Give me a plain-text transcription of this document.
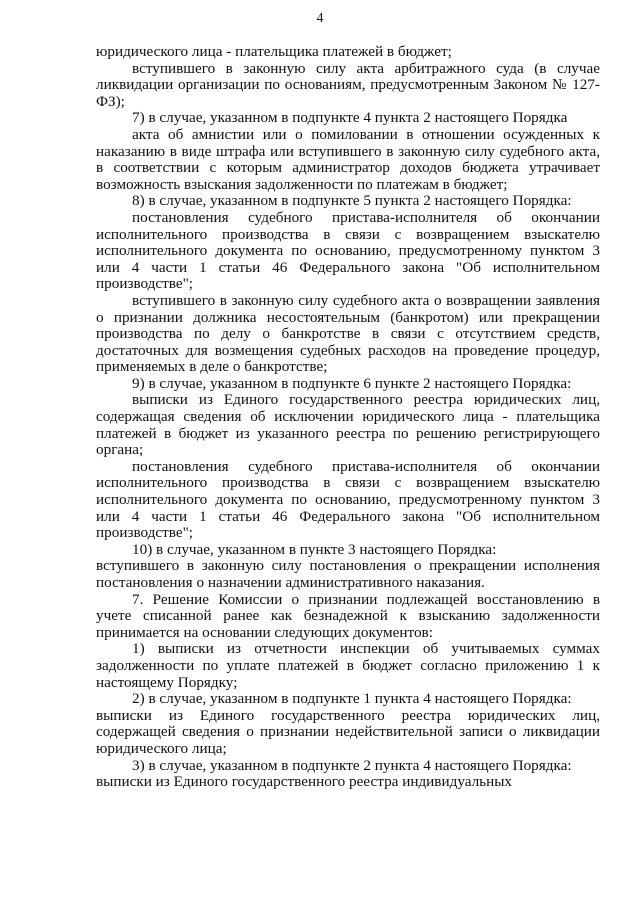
4

юридического лица - плательщика платежей в бюджет;

вступившего в законную силу акта арбитражного суда (в случае ликвидации организации по основаниям, предусмотренным Законом № 127-ФЗ);

7) в случае, указанном в подпункте 4 пункта 2 настоящего Порядка

акта об амнистии или о помиловании в отношении осужденных к наказанию в виде штрафа или вступившего в законную силу судебного акта, в соответствии с которым администратор доходов бюджета утрачивает возможность взыскания задолженности по платежам в бюджет;

8) в случае, указанном в подпункте 5 пункта 2 настоящего Порядка:

постановления судебного пристава-исполнителя об окончании исполнительного производства в связи с возвращением взыскателю исполнительного документа по основанию, предусмотренному пунктом 3 или 4 части 1 статьи 46 Федерального закона "Об исполнительном производстве";

вступившего в законную силу судебного акта о возвращении заявления о признании должника несостоятельным (банкротом) или прекращении производства по делу о банкротстве в связи с отсутствием средств, достаточных для возмещения судебных расходов на проведение процедур, применяемых в деле о банкротстве;

9) в случае, указанном в подпункте 6 пункте 2 настоящего Порядка:

выписки из Единого государственного реестра юридических лиц, содержащая сведения об исключении юридического лица - плательщика платежей в бюджет из указанного реестра по решению регистрирующего органа;

постановления судебного пристава-исполнителя об окончании исполнительного производства в связи с возвращением взыскателю исполнительного документа по основанию, предусмотренному пунктом 3 или 4 части 1 статьи 46 Федерального закона "Об исполнительном производстве";

10) в случае, указанном в пункте 3 настоящего Порядка:

вступившего в законную силу постановления о прекращении исполнения постановления о назначении административного наказания.

7. Решение Комиссии о признании подлежащей восстановлению в учете списанной ранее как безнадежной к взысканию задолженности принимается на основании следующих документов:

1) выписки из отчетности инспекции об учитываемых суммах задолженности по уплате платежей в бюджет согласно приложению 1 к настоящему Порядку;

2) в случае, указанном в подпункте 1 пункта 4 настоящего Порядка:

выписки из Единого государственного реестра юридических лиц, содержащей сведения о признании недействительной записи о ликвидации юридического лица;

3) в случае, указанном в подпункте 2 пункта 4 настоящего Порядка:

выписки из Единого государственного реестра индивидуальных
